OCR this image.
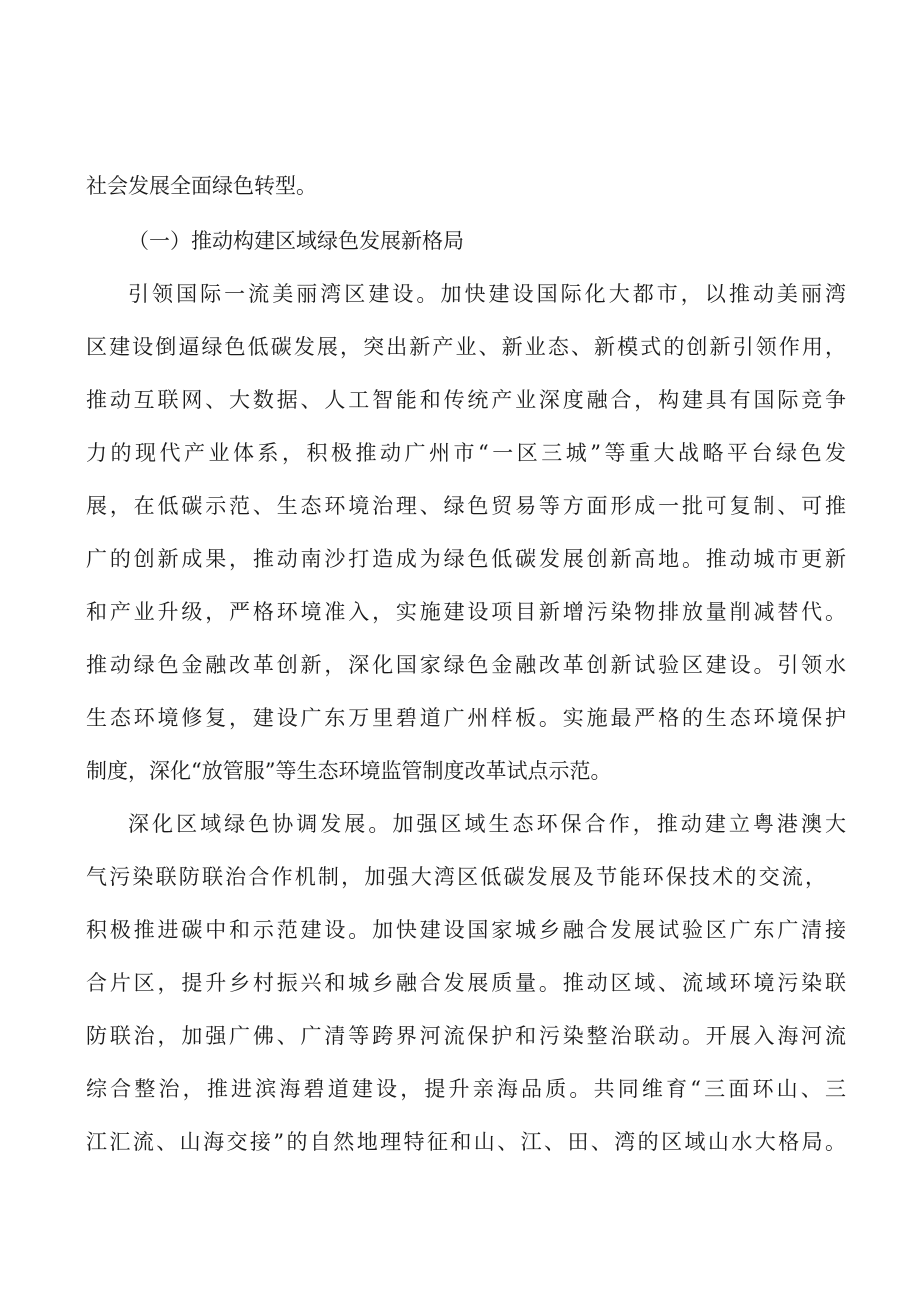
社会发展全面绿色转型。
（一）推动构建区域绿色发展新格局
引领国际一流美丽湾区建设。加快建设国际化大都市，以推动美丽湾
区建设倒逼绿色低碳发展，突出新产业、新业态、新模式的创新引领作用，
推动互联网、大数据、人工智能和传统产业深度融合，构建具有国际竞争
力的现代产业体系，积极推动广州市“一区三城”等重大战略平台绿色发
展，在低碳示范、生态环境治理、绿色贸易等方面形成一批可复制、可推
广的创新成果，推动南沙打造成为绿色低碳发展创新高地。推动城市更新
和产业升级，严格环境准入，实施建设项目新增污染物排放量削减替代。
推动绿色金融改革创新，深化国家绿色金融改革创新试验区建设。引领水
生态环境修复，建设广东万里碧道广州样板。实施最严格的生态环境保护
制度，深化“放管服”等生态环境监管制度改革试点示范。
深化区域绿色协调发展。加强区域生态环保合作，推动建立粤港澳大
气污染联防联治合作机制，加强大湾区低碳发展及节能环保技术的交流，
积极推进碳中和示范建设。加快建设国家城乡融合发展试验区广东广清接
合片区，提升乡村振兴和城乡融合发展质量。推动区域、流域环境污染联
防联治，加强广佛、广清等跨界河流保护和污染整治联动。开展入海河流
综合整治，推进滨海碧道建设，提升亲海品质。共同维育“三面环山、三
江汇流、山海交接”的自然地理特征和山、江、田、湾的区域山水大格局。
